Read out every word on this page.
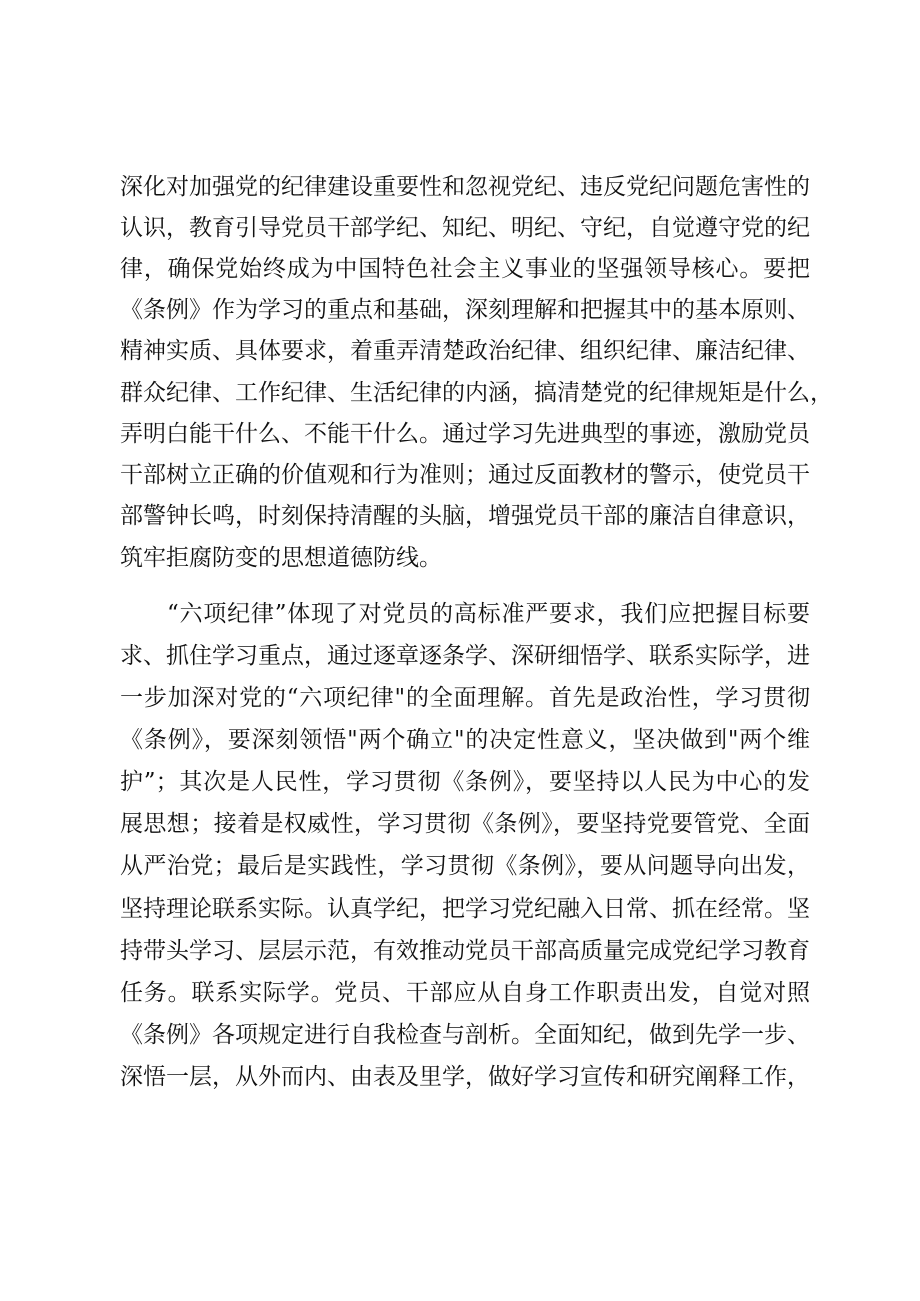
深化对加强党的纪律建设重要性和忽视党纪、违反党纪问题危害性的
认识，教育引导党员干部学纪、知纪、明纪、守纪，自觉遵守党的纪
律，确保党始终成为中国特色社会主义事业的坚强领导核心。要把
《条例》作为学习的重点和基础，深刻理解和把握其中的基本原则、
精神实质、具体要求，着重弄清楚政治纪律、组织纪律、廉洁纪律、
群众纪律、工作纪律、生活纪律的内涵，搞清楚党的纪律规矩是什么，
弄明白能干什么、不能干什么。通过学习先进典型的事迹，激励党员
干部树立正确的价值观和行为准则；通过反面教材的警示，使党员干
部警钟长鸣，时刻保持清醒的头脑，增强党员干部的廉洁自律意识，
筑牢拒腐防变的思想道德防线。
“六项纪律”体现了对党员的高标准严要求，我们应把握目标要
求、抓住学习重点，通过逐章逐条学、深研细悟学、联系实际学，进
一步加深对党的“六项纪律"的全面理解。首先是政治性，学习贯彻
《条例》，要深刻领悟"两个确立"的决定性意义，坚决做到"两个维
护”；其次是人民性，学习贯彻《条例》，要坚持以人民为中心的发
展思想；接着是权威性，学习贯彻《条例》，要坚持党要管党、全面
从严治党；最后是实践性，学习贯彻《条例》，要从问题导向出发，
坚持理论联系实际。认真学纪，把学习党纪融入日常、抓在经常。坚
持带头学习、层层示范，有效推动党员干部高质量完成党纪学习教育
任务。联系实际学。党员、干部应从自身工作职责出发，自觉对照
《条例》各项规定进行自我检查与剖析。全面知纪，做到先学一步、
深悟一层，从外而内、由表及里学，做好学习宣传和研究阐释工作，
